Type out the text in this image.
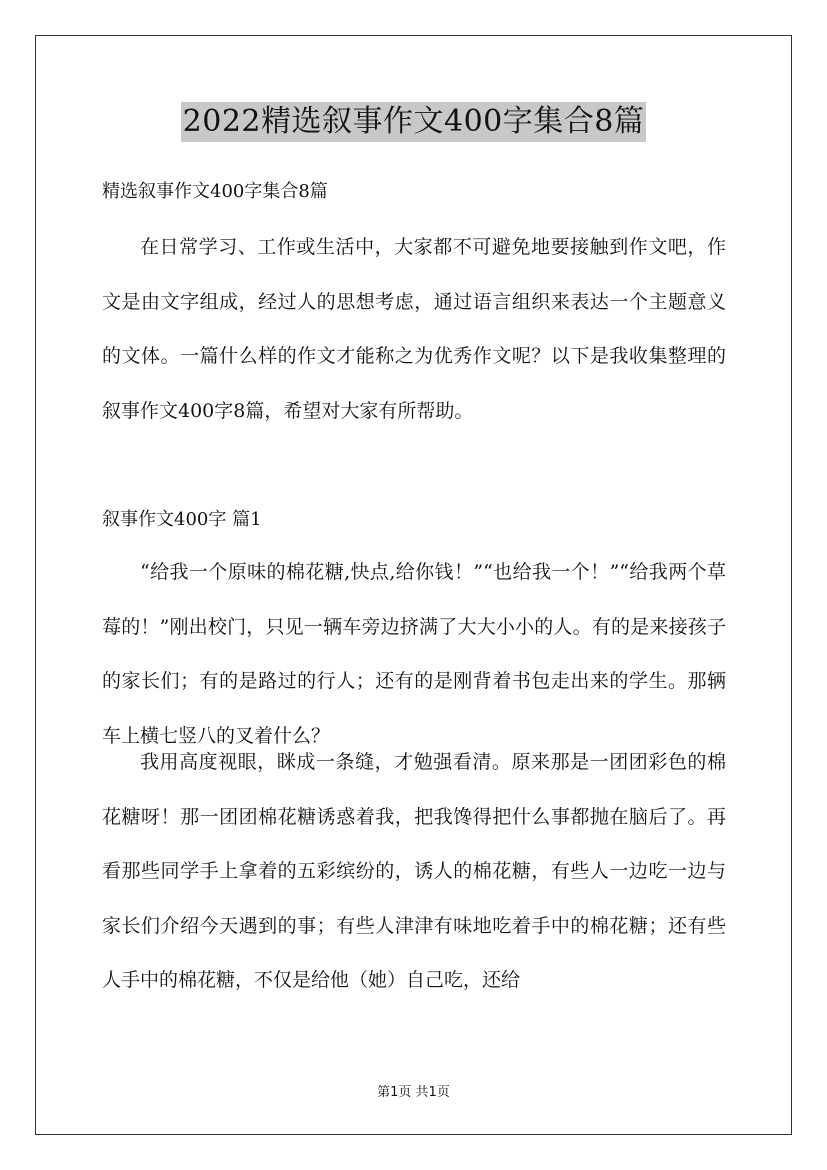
2022精选叙事作文400字集合8篇
精选叙事作文400字集合8篇

在日常学习、工作或生活中，大家都不可避免地要接触到作文吧，作文是由文字组成，经过人的思想考虑，通过语言组织来表达一个主题意义的文体。一篇什么样的作文才能称之为优秀作文呢？以下是我收集整理的叙事作文400字8篇，希望对大家有所帮助。

叙事作文400字 篇1

“给我一个原味的棉花糖,快点,给你钱！”“也给我一个！”“给我两个草莓的！”刚出校门，只见一辆车旁边挤满了大大小小的人。有的是来接孩子的家长们；有的是路过的行人；还有的是刚背着书包走出来的学生。那辆车上横七竖八的叉着什么？

我用高度视眼，眯成一条缝，才勉强看清。原来那是一团团彩色的棉花糖呀！那一团团棉花糖诱惑着我，把我馋得把什么事都抛在脑后了。再看那些同学手上拿着的五彩缤纷的，诱人的棉花糖，有些人一边吃一边与家长们介绍今天遇到的事；有些人津津有味地吃着手中的棉花糖；还有些人手中的棉花糖，不仅是给他（她）自己吃，还给

第1页 共1页
